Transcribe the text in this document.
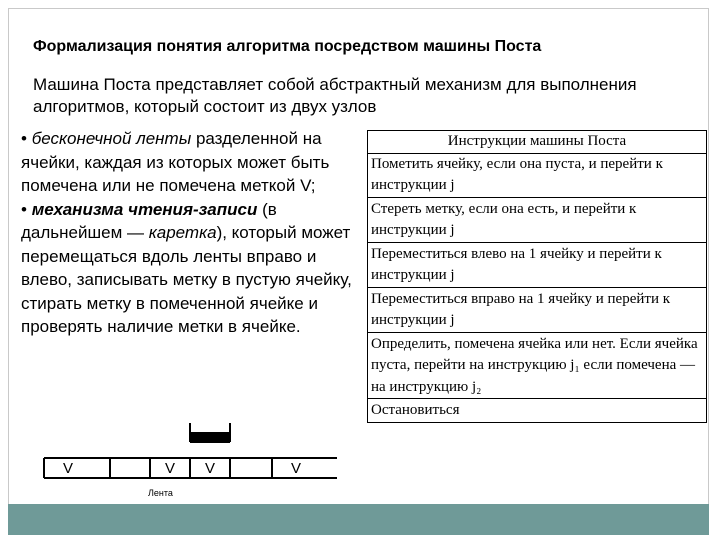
Формализация понятия алгоритма посредством машины Поста
Машина Поста представляет собой абстрактный механизм для выполнения алгоритмов, который состоит из двух узлов

• бесконечной ленты разделенной на ячейки, каждая из которых может быть помечена или не помечена меткой V;

• механизма чтения-записи (в дальнейшем — каретка), который может перемещаться вдоль ленты вправо и влево, записывать метку в пустую ячейку, стирать метку в помеченной ячейке и проверять наличие метки в ячейке.

Инструкции машины Поста
Пометить ячейку, если она пуста, и перейти к инструкции j
Стереть метку, если она есть, и перейти к инструкции j
Переместиться влево на 1 ячейку и перейти к инструкции j
Переместиться вправо на 1 ячейку и перейти к инструкции j
Определить, помечена ячейка или нет. Если ячейка пуста, перейти на инструкцию j₁ если помечена — на инструкцию j₂
Остановиться
V	V V	V
Лента
